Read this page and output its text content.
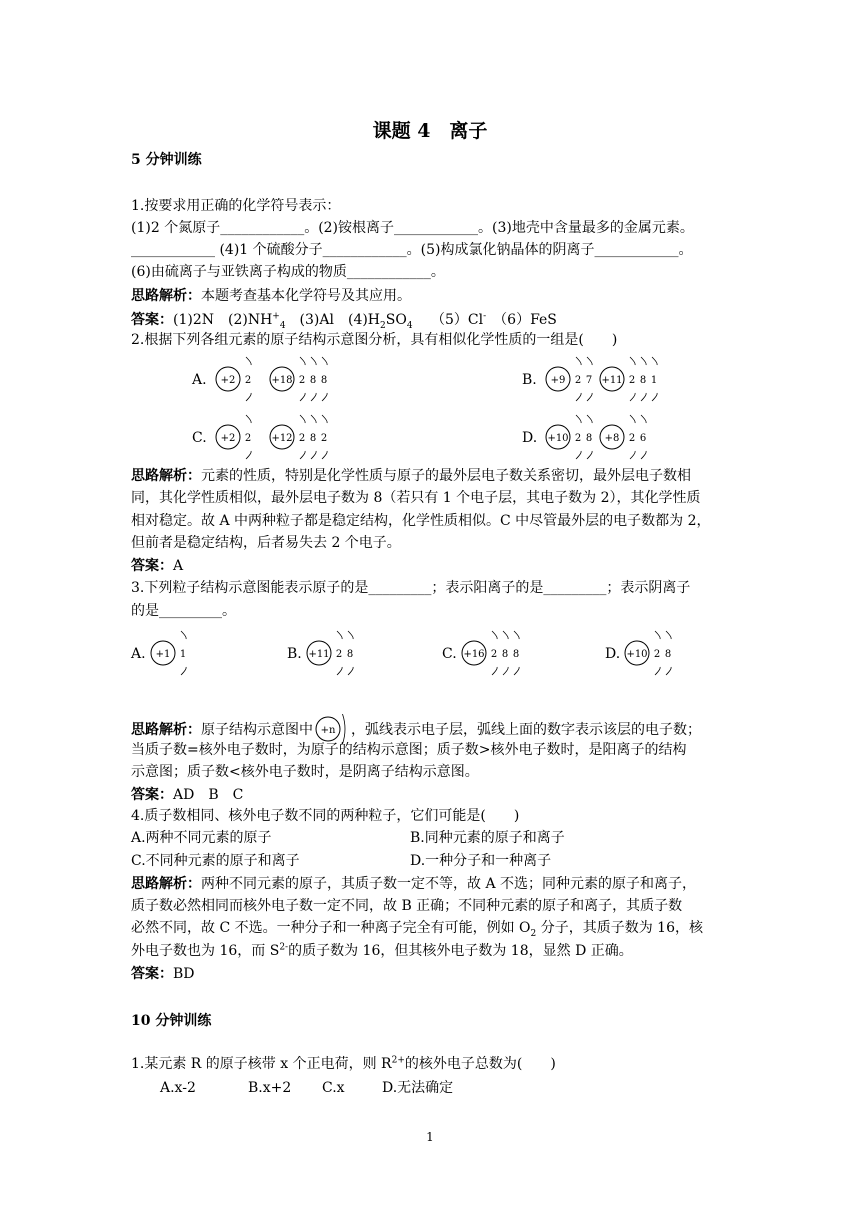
课题 4　离子
5 分钟训练
1.按要求用正确的化学符号表示：
(1)2 个氮原子____________。(2)铵根离子____________。(3)地壳中含量最多的金属元素。
____________ (4)1 个硫酸分子____________。(5)构成氯化钠晶体的阴离子____________。
(6)由硫离子与亚铁离子构成的物质____________。
思路解析：本题考查基本化学符号及其应用。
答案：(1)2N　$(2)NH^+_4$　(3)Al　$(4)H_2SO_4$　 （5）Cl-　（6）FeS
2.根据下列各组元素的原子结构示意图分析，具有相似化学性质的一组是(　　)
A. +2 2 +18 2 8 8	B. +9 2 7 +11 2 8 1
C. +2 2 +12 2 8 2	D. +10 2 8 +8 2 6
思路解析：元素的性质，特别是化学性质与原子的最外层电子数关系密切，最外层电子数相
同，其化学性质相似，最外层电子数为 8（若只有 1 个电子层，其电子数为 2），其化学性质
相对稳定。故 A 中两种粒子都是稳定结构，化学性质相似。C 中尽管最外层的电子数都为 2，
但前者是稳定结构，后者易失去 2 个电子。
答案：A
3.下列粒子结构示意图能表示原子的是_________；表示阳离子的是_________；表示阴离子
的是_________。
A. +1 1	B. +11 2 8	C. +16 2 8 8	D. +10 2 8
思路解析：原子结构示意图中 +n ，弧线表示电子层，弧线上面的数字表示该层的电子数；
当质子数=核外电子数时，为原子的结构示意图；质子数>核外电子数时，是阳离子的结构
示意图；质子数<核外电子数时，是阴离子结构示意图。
答案：AD　B　C
4.质子数相同、核外电子数不同的两种粒子，它们可能是(　　)
A.两种不同元素的原子	B.同种元素的原子和离子
C.不同种元素的原子和离子	D.一种分子和一种离子
思路解析：两种不同元素的原子，其质子数一定不等，故 A 不选；同种元素的原子和离子，
质子数必然相同而核外电子数一定不同，故 B 正确；不同种元素的原子和离子，其质子数
必然不同，故 C 不选。一种分子和一种离子完全有可能，例如 $O_2$ 分子，其质子数为 16，核
外电子数也为 16，而 $S^{2-}$的质子数为 16，但其核外电子数为 18，显然 D 正确。
答案：BD
10 分钟训练
1.某元素 R 的原子核带 x 个正电荷，则 $R^{2+}$的核外电子总数为(　　)
A.x-2	B.x+2 C.x	D.无法确定
1
